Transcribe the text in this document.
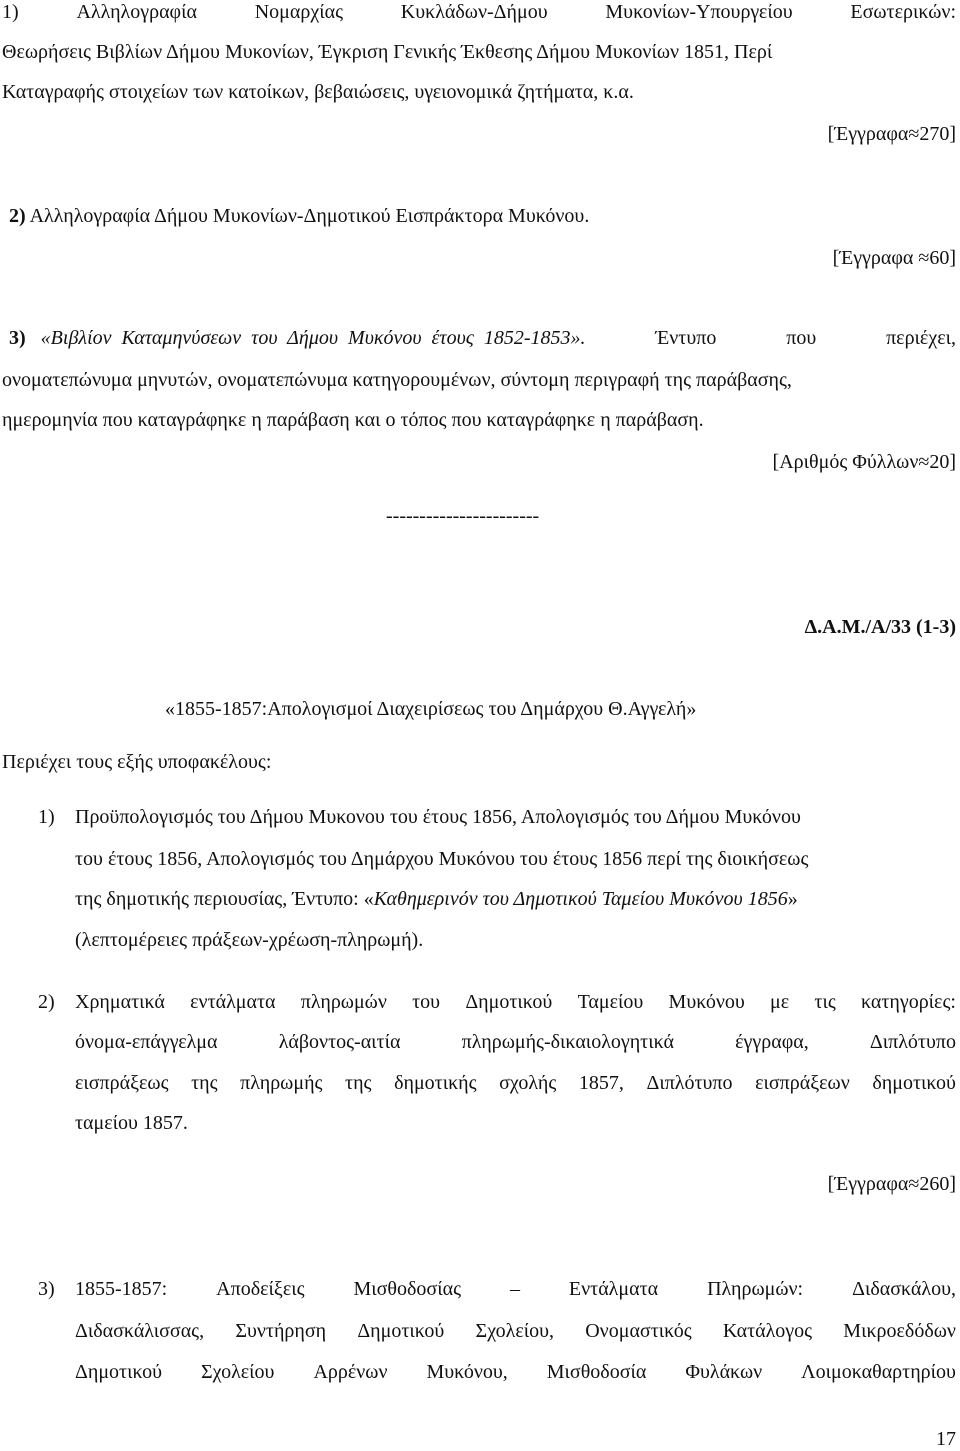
1)	Αλληλογραφία	Νομαρχίας	Κυκλάδων-Δήμου	Μυκονίων-Υπουργείου	Εσωτερικών:
Θεωρήσεις Βιβλίων Δήμου Μυκονίων, Έγκριση Γενικής Έκθεσης Δήμου Μυκονίων 1851, Περί
Καταγραφής στοιχείων των κατοίκων, βεβαιώσεις, υγειονομικά ζητήματα, κ.α.
[Έγγραφα≈270]
2) Αλληλογραφία Δήμου Μυκονίων-Δημοτικού Εισπράκτορα Μυκόνου.
[Έγγραφα ≈60]
3) «Βιβλίον Καταμηνύσεων του Δήμου Μυκόνου έτους 1852-1853».	Έντυπο	που	περιέχει,
ονοματεπώνυμα μηνυτών, ονοματεπώνυμα κατηγορουμένων, σύντομη περιγραφή της παράβασης,
ημερομηνία που καταγράφηκε η παράβαση και ο τόπος που καταγράφηκε η παράβαση.
[Αριθμός Φύλλων≈20]
-----------------------
Δ.Α.Μ./Α/33 (1-3)
«1855-1857:Απολογισμοί Διαχειρίσεως του Δημάρχου Θ.Αγγελή»
Περιέχει τους εξής υποφακέλους:
1)	Προϋπολογισμός του Δήμου Μυκονου του έτους 1856, Απολογισμός του Δήμου Μυκόνου
του έτους 1856, Απολογισμός του Δημάρχου Μυκόνου του έτους 1856 περί της διοικήσεως
της δημοτικής περιουσίας, Έντυπο: «Καθημερινόν του Δημοτικού Ταμείου Μυκόνου 1856»
(λεπτομέρειες πράξεων-χρέωση-πληρωμή).
2)	Χρηματικά εντάλματα πληρωμών του Δημοτικού Ταμείου Μυκόνου με τις κατηγορίες:
όνομα-επάγγελμα	λάβοντος-αιτία	πληρωμής-δικαιολογητικά	έγγραφα,	Διπλότυπο
εισπράξεως της πληρωμής της δημοτικής σχολής 1857, Διπλότυπο εισπράξεων δημοτικού
ταμείου 1857.
[Έγγραφα≈260]
3)	1855-1857: Αποδείξεις Μισθοδοσίας – Εντάλματα Πληρωμών: Διδασκάλου,
Διδασκάλισσας, Συντήρηση Δημοτικού Σχολείου, Ονομαστικός Κατάλογος Μικροεδόδων
Δημοτικού Σχολείου Αρρένων Μυκόνου, Μισθοδοσία Φυλάκων Λοιμοκαθαρτηρίου
17
